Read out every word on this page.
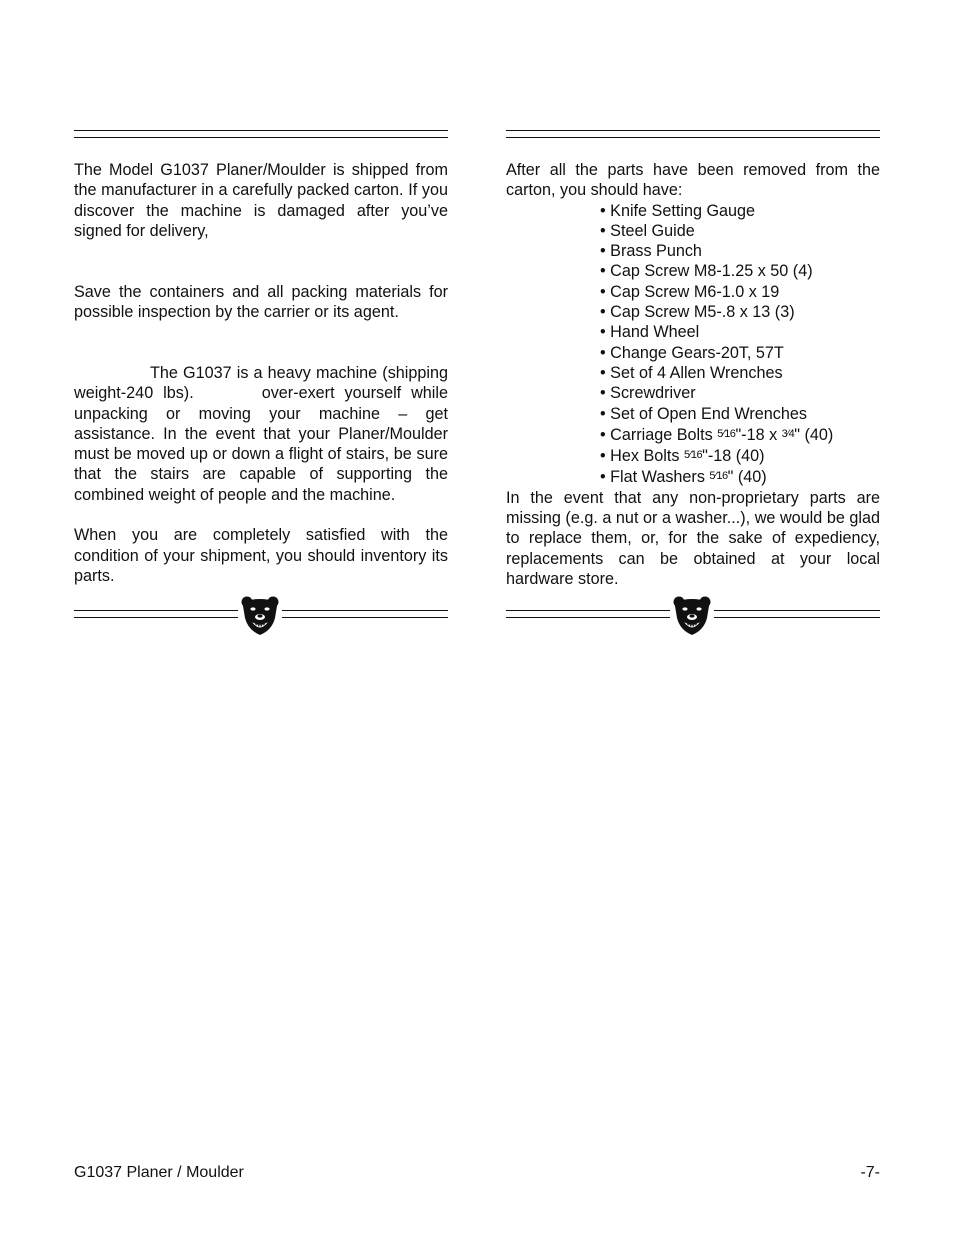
The Model G1037 Planer/Moulder is shipped from the manufacturer in a carefully packed carton. If you discover the machine is damaged after you’ve signed for delivery,

Save the containers and all packing materials for possible inspection by the carrier or its agent.

The G1037 is a heavy machine (shipping weight-240 lbs).	over-exert yourself while unpacking or moving your machine – get assistance. In the event that your Planer/Moulder must be moved up or down a flight of stairs, be sure that the stairs are capable of supporting the combined weight of people and the machine.

When you are completely satisfied with the condition of your shipment, you should inventory its parts.

After all the parts have been removed from the carton, you should have:

• Knife Setting Gauge
• Steel Guide
• Brass Punch
• Cap Screw M8-1.25 x 50 (4)
• Cap Screw M6-1.0 x 19
• Cap Screw M5-.8 x 13 (3)
• Hand Wheel
• Change Gears-20T, 57T
• Set of 4 Allen Wrenches
• Screwdriver
• Set of Open End Wrenches
• Carriage Bolts 5⁄16"-18 x 3⁄4" (40)
• Hex Bolts 5⁄16"-18 (40)
• Flat Washers 5⁄16" (40)

In the event that any non-proprietary parts are missing (e.g. a nut or a washer...), we would be glad to replace them, or, for the sake of expediency, replacements can be obtained at your local hardware store.

G1037 Planer / Moulder	-7-
